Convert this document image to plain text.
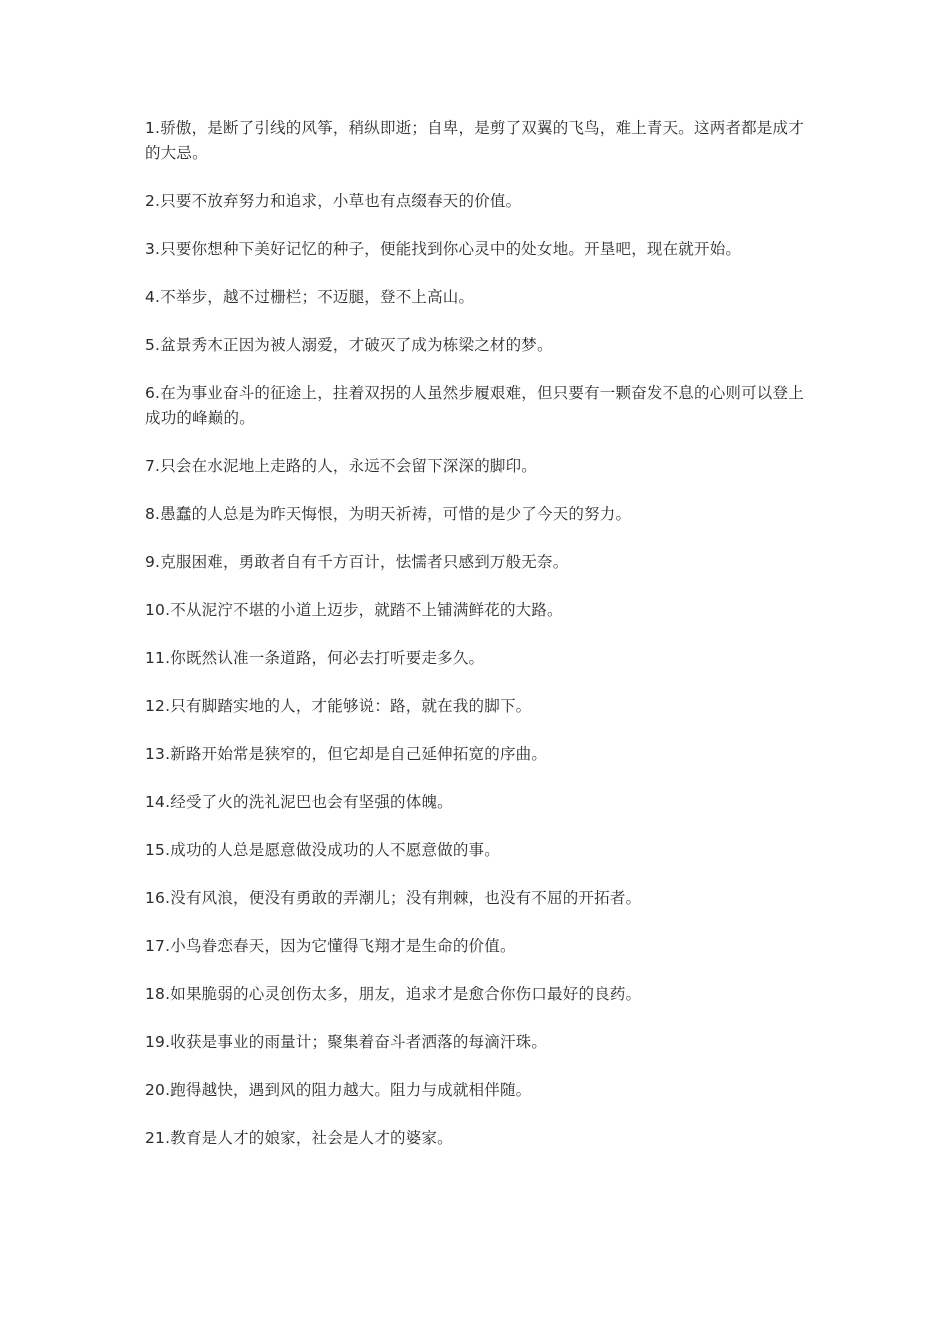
1.骄傲，是断了引线的风筝，稍纵即逝；自卑，是剪了双翼的飞鸟，难上青天。这两者都是成才的大忌。

2.只要不放弃努力和追求，小草也有点缀春天的价值。

3.只要你想种下美好记忆的种子，便能找到你心灵中的处女地。开垦吧，现在就开始。

4.不举步，越不过栅栏；不迈腿，登不上高山。

5.盆景秀木正因为被人溺爱，才破灭了成为栋梁之材的梦。

6.在为事业奋斗的征途上，拄着双拐的人虽然步履艰难，但只要有一颗奋发不息的心则可以登上成功的峰巅的。

7.只会在水泥地上走路的人，永远不会留下深深的脚印。

8.愚蠢的人总是为昨天悔恨，为明天祈祷，可惜的是少了今天的努力。

9.克服困难，勇敢者自有千方百计，怯懦者只感到万般无奈。

10.不从泥泞不堪的小道上迈步，就踏不上铺满鲜花的大路。

11.你既然认准一条道路，何必去打听要走多久。

12.只有脚踏实地的人，才能够说：路，就在我的脚下。

13.新路开始常是狭窄的，但它却是自己延伸拓宽的序曲。

14.经受了火的洗礼泥巴也会有坚强的体魄。

15.成功的人总是愿意做没成功的人不愿意做的事。

16.没有风浪，便没有勇敢的弄潮儿；没有荆棘，也没有不屈的开拓者。

17.小鸟眷恋春天，因为它懂得飞翔才是生命的价值。

18.如果脆弱的心灵创伤太多，朋友，追求才是愈合你伤口最好的良药。

19.收获是事业的雨量计；聚集着奋斗者洒落的每滴汗珠。

20.跑得越快，遇到风的阻力越大。阻力与成就相伴随。

21.教育是人才的娘家，社会是人才的婆家。
